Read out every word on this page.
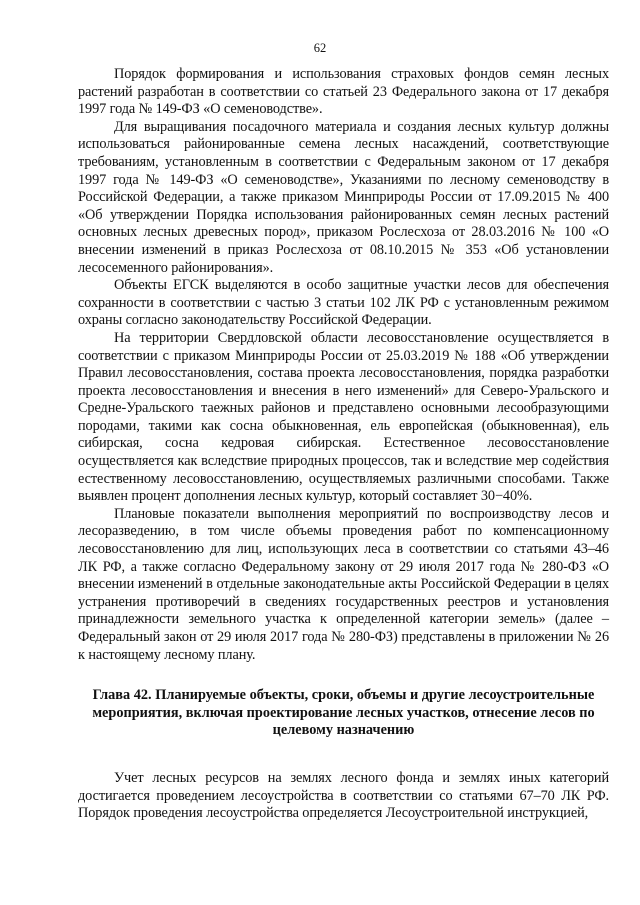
62

Порядок формирования и использования страховых фондов семян лесных растений разработан в соответствии со статьей 23 Федерального закона от 17 декабря 1997 года № 149-ФЗ «О семеноводстве».

Для выращивания посадочного материала и создания лесных культур должны использоваться районированные семена лесных насаждений, соответствующие требованиям, установленным в соответствии с Федеральным законом от 17 декабря 1997 года № 149-ФЗ «О семеноводстве», Указаниями по лесному семеноводству в Российской Федерации, а также приказом Минприроды России от 17.09.2015 № 400 «Об утверждении Порядка использования районированных семян лесных растений основных лесных древесных пород», приказом Рослесхоза от 28.03.2016 № 100 «О внесении изменений в приказ Рослесхоза от 08.10.2015 № 353 «Об установлении лесосеменного районирования».

Объекты ЕГСК выделяются в особо защитные участки лесов для обеспечения сохранности в соответствии с частью 3 статьи 102 ЛК РФ с установленным режимом охраны согласно законодательству Российской Федерации.

На территории Свердловской области лесовосстановление осуществляется в соответствии с приказом Минприроды России от 25.03.2019 № 188 «Об утверждении Правил лесовосстановления, состава проекта лесовосстановления, порядка разработки проекта лесовосстановления и внесения в него изменений» для Северо-Уральского и Средне-Уральского таежных районов и представлено основными лесообразующими породами, такими как сосна обыкновенная, ель европейская (обыкновенная), ель сибирская, сосна кедровая сибирская. Естественное лесовосстановление осуществляется как вследствие природных процессов, так и вследствие мер содействия естественному лесовосстановлению, осуществляемых различными способами. Также выявлен процент дополнения лесных культур, который составляет 30−40%.

Плановые показатели выполнения мероприятий по воспроизводству лесов и лесоразведению, в том числе объемы проведения работ по компенсационному лесовосстановлению для лиц, использующих леса в соответствии со статьями 43–46 ЛК РФ, а также согласно Федеральному закону от 29 июля 2017 года № 280-ФЗ «О внесении изменений в отдельные законодательные акты Российской Федерации в целях устранения противоречий в сведениях государственных реестров и установления принадлежности земельного участка к определенной категории земель» (далее – Федеральный закон от 29 июля 2017 года № 280-ФЗ) представлены в приложении № 26 к настоящему лесному плану.

Глава 42. Планируемые объекты, сроки, объемы и другие лесоустроительные мероприятия, включая проектирование лесных участков, отнесение лесов по целевому назначению

Учет лесных ресурсов на землях лесного фонда и землях иных категорий достигается проведением лесоустройства в соответствии со статьями 67–70 ЛК РФ. Порядок проведения лесоустройства определяется Лесоустроительной инструкцией,
